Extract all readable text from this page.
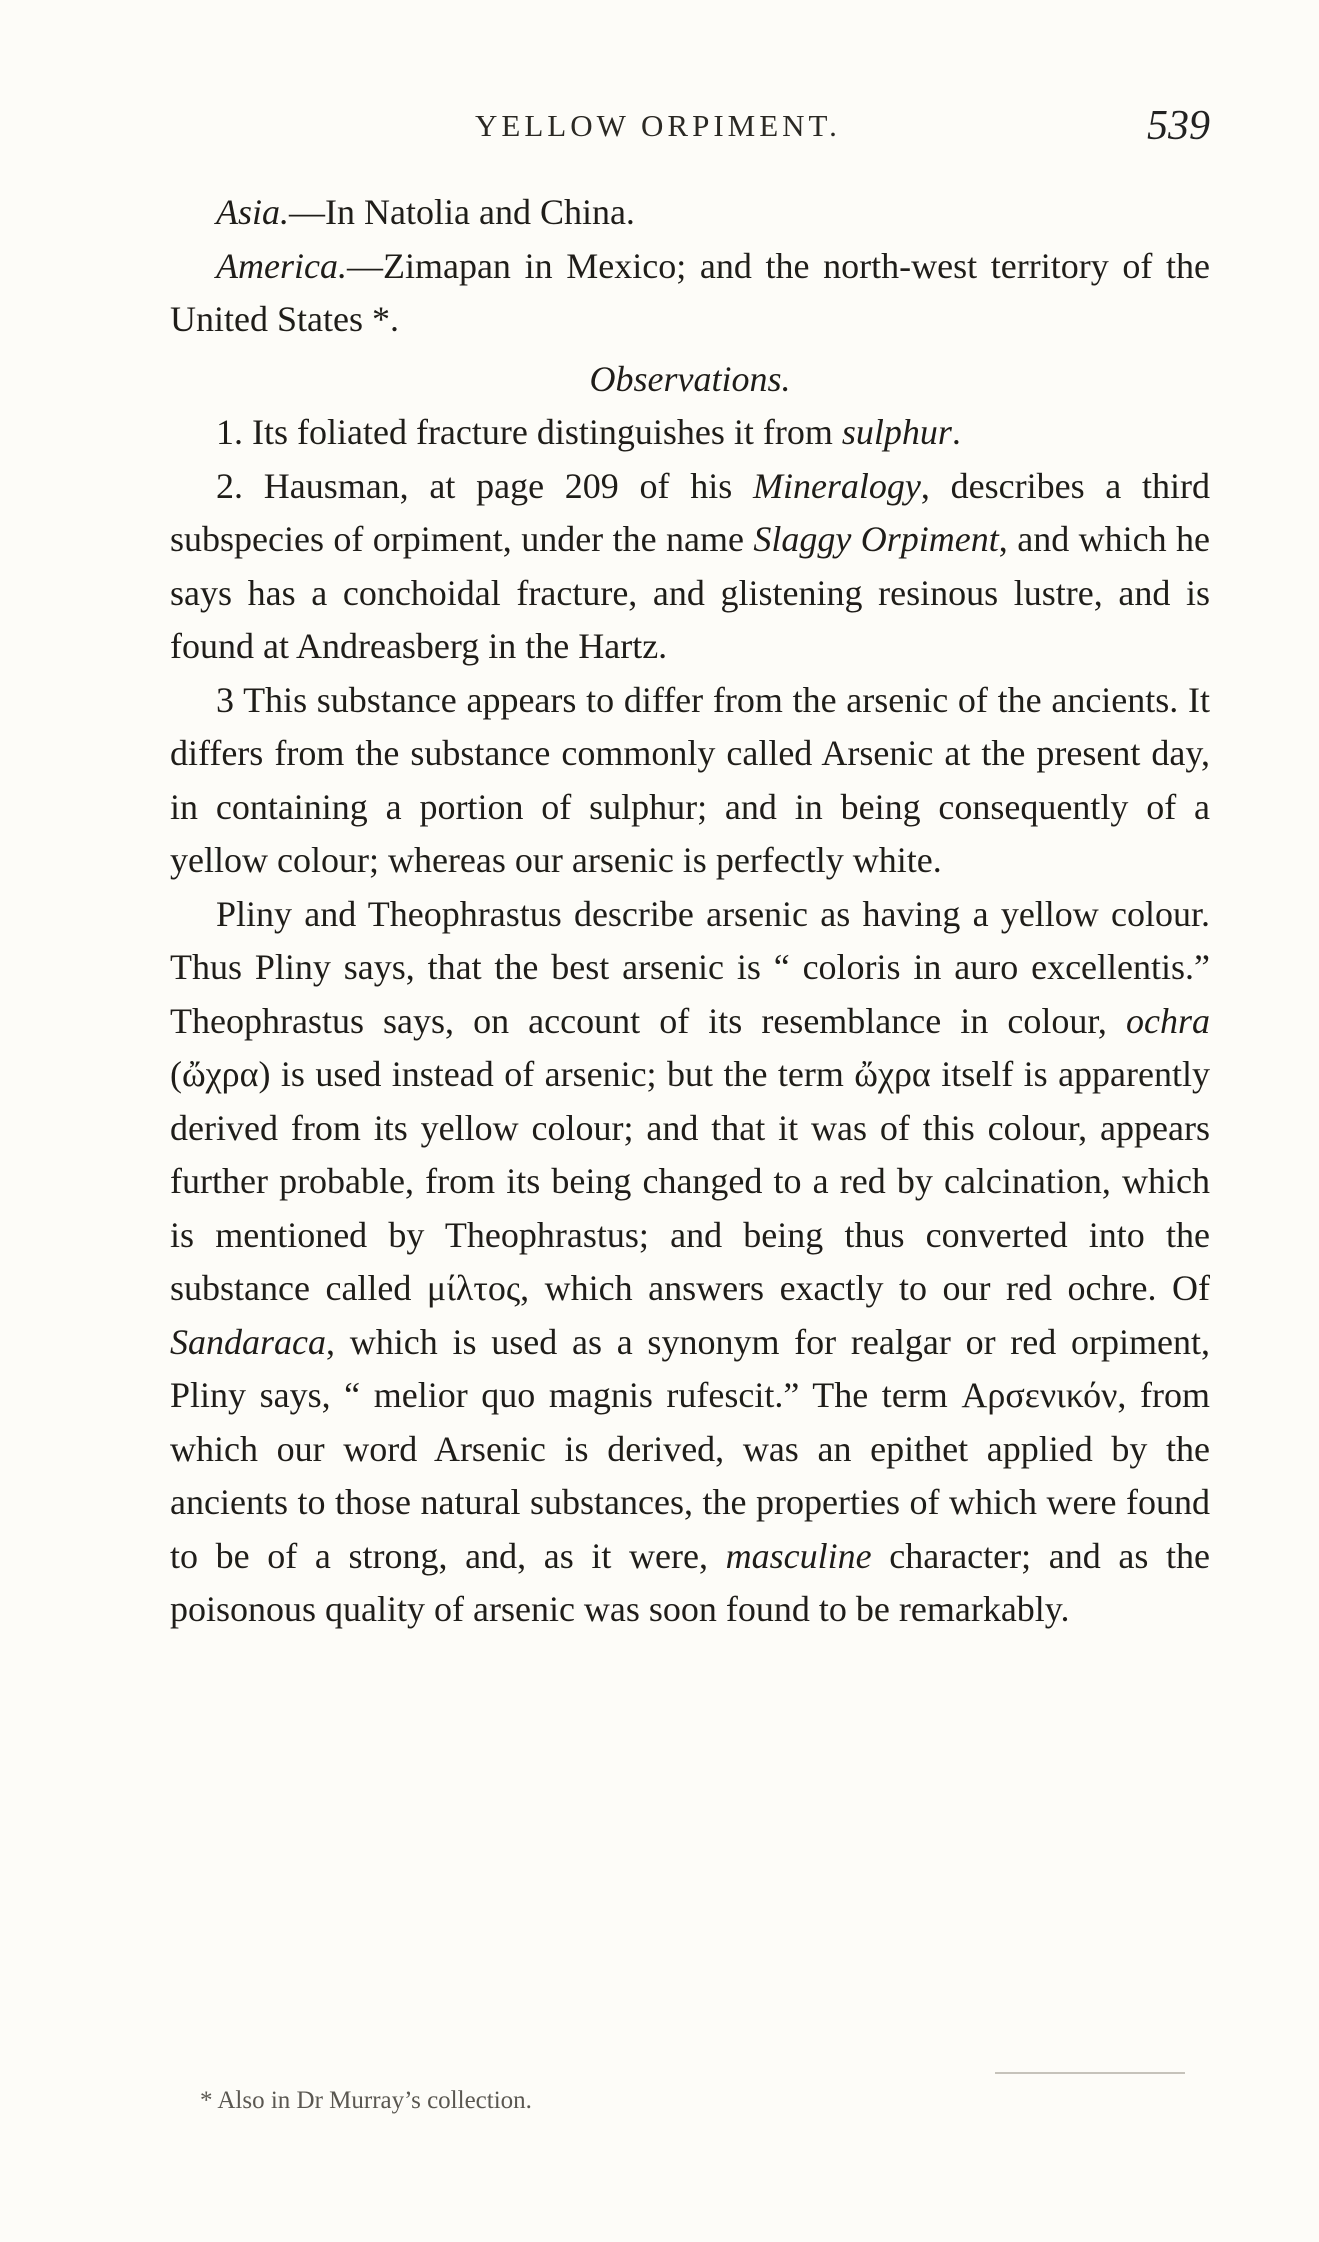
YELLOW ORPIMENT.	539

Asia.—In Natolia and China.

America.—Zimapan in Mexico; and the north-west territory of the United States *.

Observations.

1. Its foliated fracture distinguishes it from sulphur.

2. Hausman, at page 209 of his Mineralogy, describes a third subspecies of orpiment, under the name Slaggy Orpiment, and which he says has a conchoidal fracture, and glistening resinous lustre, and is found at Andreasberg in the Hartz.

3 This substance appears to differ from the arsenic of the ancients. It differs from the substance commonly called Arsenic at the present day, in containing a portion of sulphur; and in being consequently of a yellow colour; whereas our arsenic is perfectly white.

Pliny and Theophrastus describe arsenic as having a yellow colour. Thus Pliny says, that the best arsenic is “ coloris in auro excellentis.” Theophrastus says, on account of its resemblance in colour, ochra (ὤχρα) is used instead of arsenic; but the term ὤχρα itself is apparently derived from its yellow colour; and that it was of this colour, appears further probable, from its being changed to a red by calcination, which is mentioned by Theophrastus; and being thus converted into the substance called μίλτος, which answers exactly to our red ochre. Of Sandaraca, which is used as a synonym for realgar or red orpiment, Pliny says, “ melior quo magnis rufescit.” The term Αρσενικόν, from which our word Arsenic is derived, was an epithet applied by the ancients to those natural substances, the properties of which were found to be of a strong, and, as it were, masculine character; and as the poisonous quality of arsenic was soon found to be remarkably.

* Also in Dr Murray’s collection.
